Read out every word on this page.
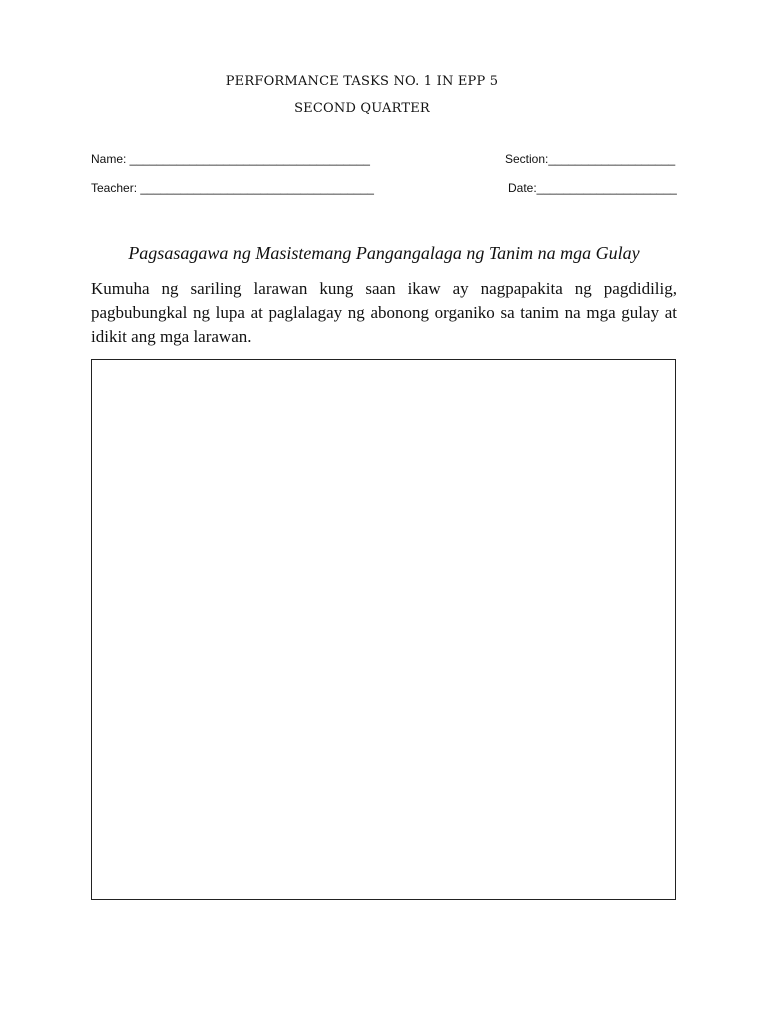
PERFORMANCE TASKS NO. 1 IN EPP 5
SECOND QUARTER
Name: ____________________________________	Section:___________________
Teacher: ___________________________________	Date:_____________________
Pagsasagawa ng Masistemang Pangangalaga ng Tanim na mga Gulay

Kumuha ng sariling larawan kung saan ikaw ay nagpapakita ng pagdidilig, pagbubungkal ng lupa at paglalagay ng abonong organiko sa tanim na mga gulay at idikit ang mga larawan.
